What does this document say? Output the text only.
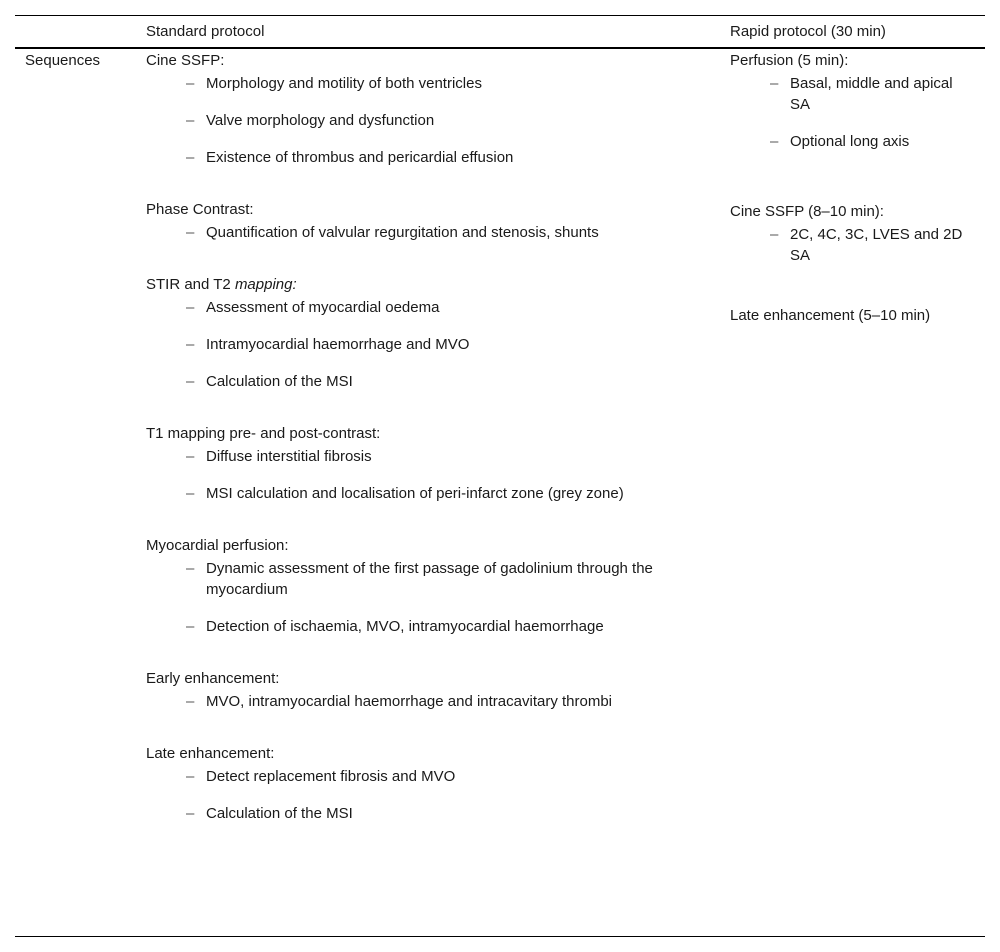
Standard protocol	Rapid protocol (30 min)
Sequences	Cine SSFP:
– Morphology and motility of both ventricles
– Valve morphology and dysfunction
– Existence of thrombus and pericardial effusion
Phase Contrast:
– Quantification of valvular regurgitation and stenosis, shunts
STIR and T2 mapping:
– Assessment of myocardial oedema
– Intramyocardial haemorrhage and MVO
– Calculation of the MSI
T1 mapping pre- and post-contrast:
– Diffuse interstitial fibrosis
– MSI calculation and localisation of peri-infarct zone (grey zone)
Myocardial perfusion:
– Dynamic assessment of the first passage of gadolinium through the myocardium
– Detection of ischaemia, MVO, intramyocardial haemorrhage
Early enhancement:
– MVO, intramyocardial haemorrhage and intracavitary thrombi
Late enhancement:
– Detect replacement fibrosis and MVO
– Calculation of the MSI
Perfusion (5 min):
– Basal, middle and apical SA
– Optional long axis
Cine SSFP (8–10 min):
– 2C, 4C, 3C, LVES and 2D SA
Late enhancement (5–10 min)
